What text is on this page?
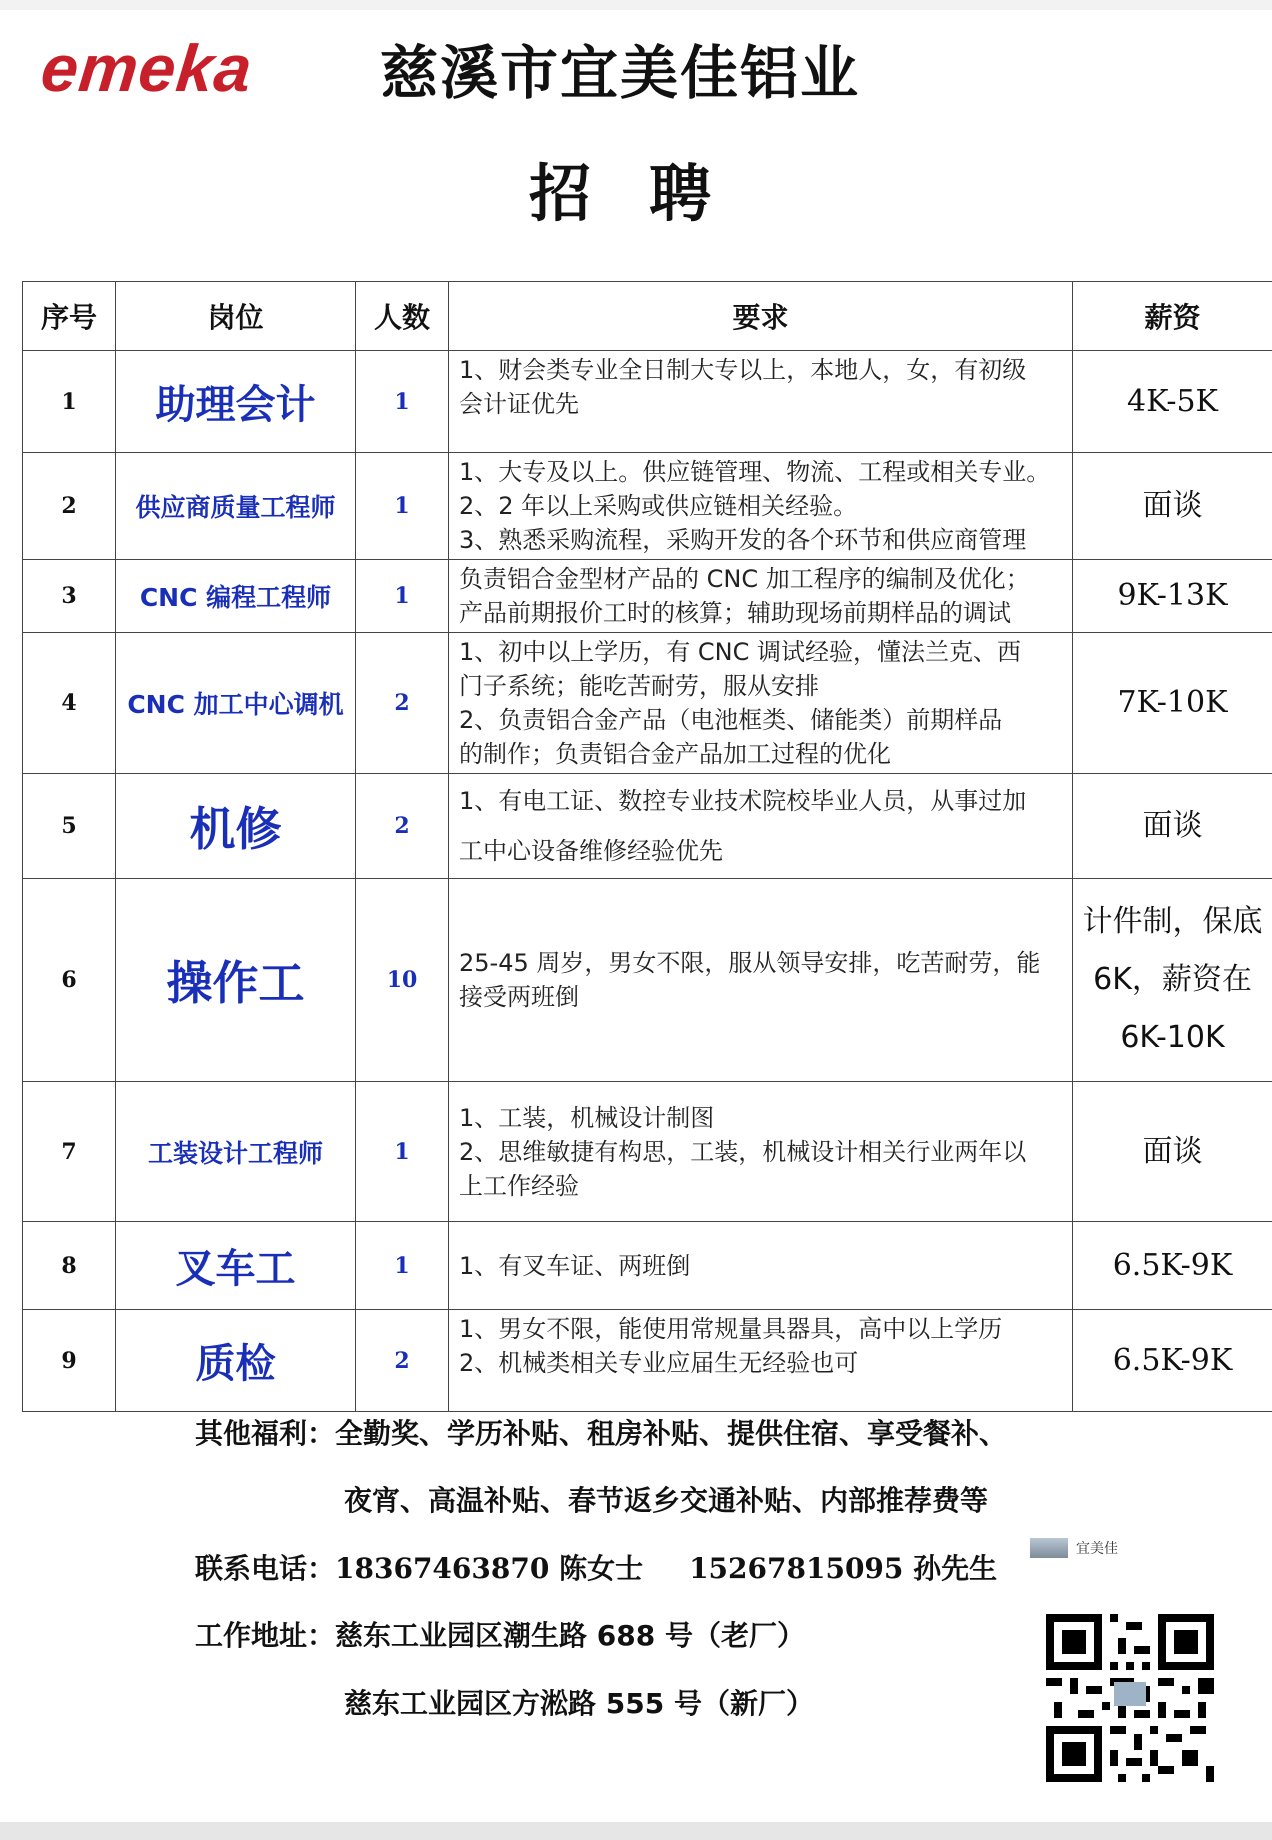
emeka	慈溪市宜美佳铝业
招聘
序号	岗位	人数	要求	薪资
1	助理会计	1	1、财会类专业全日制大专以上，本地人，女，有初级
会计证优先	4K-5K

2	供应商质量工程师	1	1、大专及以上。供应链管理、物流、工程或相关专业。
2、2 年以上采购或供应链相关经验。
3、熟悉采购流程，采购开发的各个环节和供应商管理	面谈

3	CNC 编程工程师	1	负责铝合金型材产品的 CNC 加工程序的编制及优化；
产品前期报价工时的核算；辅助现场前期样品的调试	9K-13K

4	CNC 加工中心调机	2	1、初中以上学历，有 CNC 调试经验，懂法兰克、西
门子系统；能吃苦耐劳，服从安排
2、负责铝合金产品（电池框类、储能类）前期样品
的制作；负责铝合金产品加工过程的优化	7K-10K

5	机修	2	1、有电工证、数控专业技术院校毕业人员，从事过加
工中心设备维修经验优先	面谈

6	操作工	10	25-45 周岁，男女不限，服从领导安排，吃苦耐劳，能
接受两班倒	计件制，保底
6K，薪资在
6K-10K

7	工装设计工程师	1	1、工装，机械设计制图
2、思维敏捷有构思，工装，机械设计相关行业两年以
上工作经验	面谈

8	叉车工	1	1、有叉车证、两班倒	6.5K-9K

9	质检	2	1、男女不限，能使用常规量具器具，高中以上学历
2、机械类相关专业应届生无经验也可	6.5K-9K
其他福利：全勤奖、学历补贴、租房补贴、提供住宿、享受餐补、
夜宵、高温补贴、春节返乡交通补贴、内部推荐费等
联系电话：18367463870 陈女士 15267815095 孙先生
工作地址：慈东工业园区潮生路 688 号（老厂）
慈东工业园区方淞路 555 号（新厂）
宜美佳
